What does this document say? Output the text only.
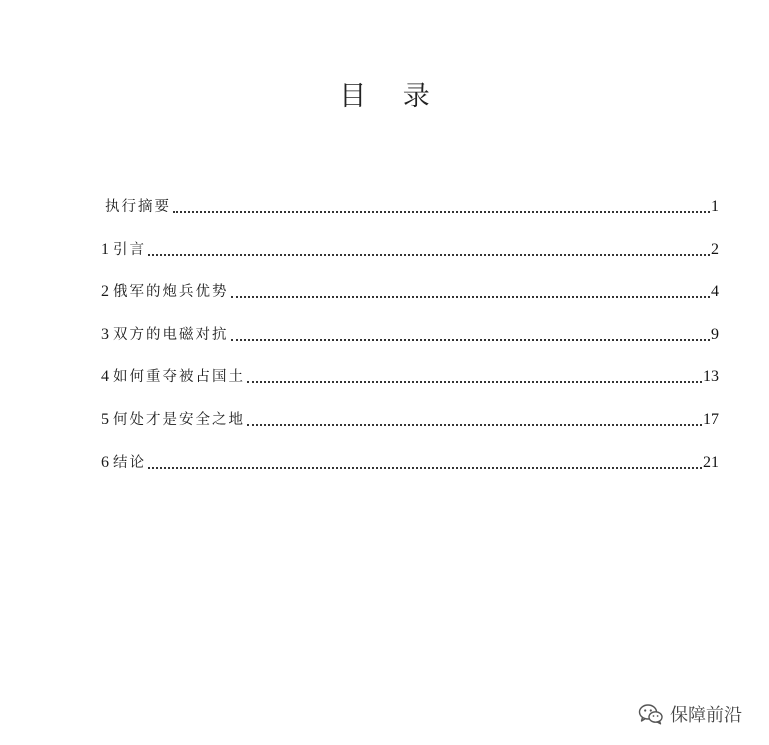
目 录
执行摘要	1
1 引言	2
2 俄军的炮兵优势	4
3 双方的电磁对抗	9
4 如何重夺被占国土	13
5 何处才是安全之地	17
6 结论	21
保障前沿
